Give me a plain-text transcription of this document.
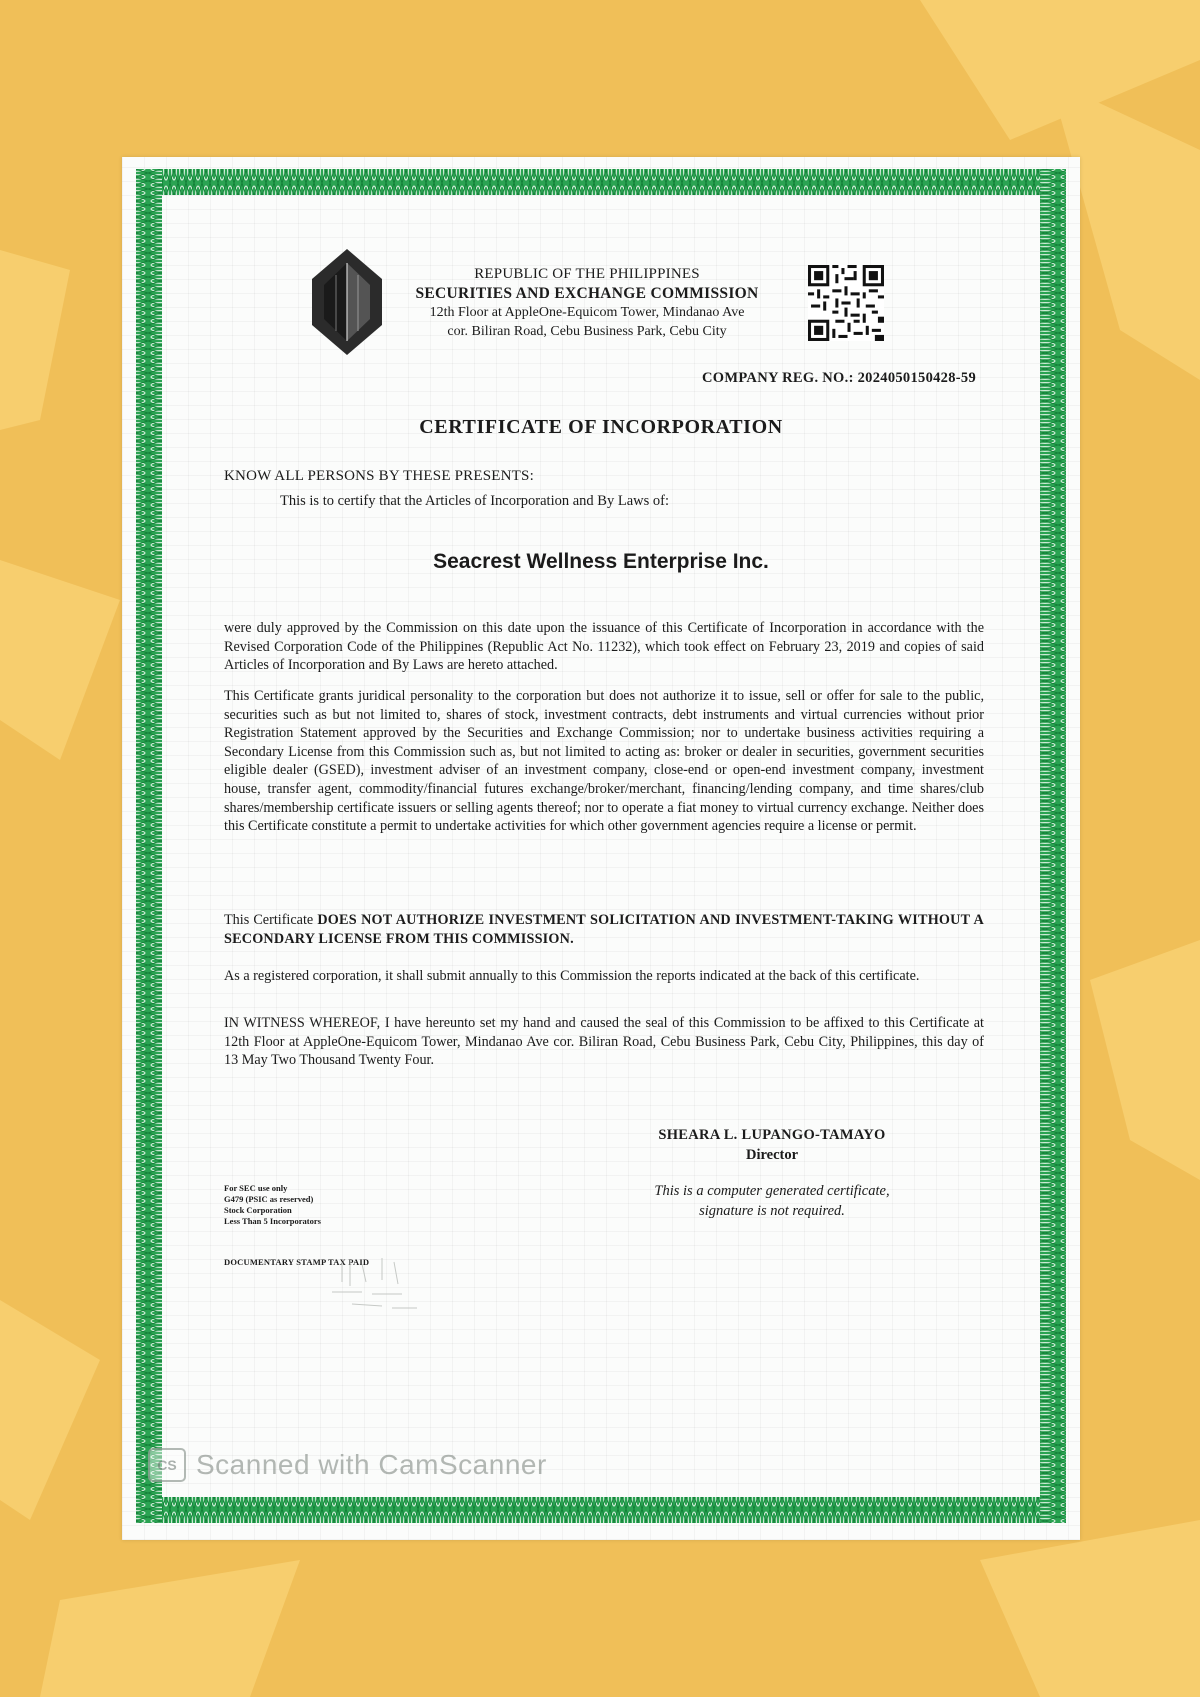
REPUBLIC OF THE PHILIPPINES
SECURITIES AND EXCHANGE COMMISSION
12th Floor at AppleOne-Equicom Tower, Mindanao Ave
cor. Biliran Road, Cebu Business Park, Cebu City
COMPANY REG. NO.: 2024050150428-59
CERTIFICATE OF INCORPORATION
KNOW ALL PERSONS BY THESE PRESENTS:
This is to certify that the Articles of Incorporation and By Laws of:
Seacrest Wellness Enterprise Inc.
were duly approved by the Commission on this date upon the issuance of this Certificate of Incorporation in accordance with the Revised Corporation Code of the Philippines (Republic Act No. 11232), which took effect on February 23, 2019 and copies of said Articles of Incorporation and By Laws are hereto attached.
This Certificate grants juridical personality to the corporation but does not authorize it to issue, sell or offer for sale to the public, securities such as but not limited to, shares of stock, investment contracts, debt instruments and virtual currencies without prior Registration Statement approved by the Securities and Exchange Commission; nor to undertake business activities requiring a Secondary License from this Commission such as, but not limited to acting as: broker or dealer in securities, government securities eligible dealer (GSED), investment adviser of an investment company, close-end or open-end investment company, investment house, transfer agent, commodity/financial futures exchange/broker/merchant, financing/lending company, and time shares/club shares/membership certificate issuers or selling agents thereof; nor to operate a fiat money to virtual currency exchange. Neither does this Certificate constitute a permit to undertake activities for which other government agencies require a license or permit.
This Certificate DOES NOT AUTHORIZE INVESTMENT SOLICITATION AND INVESTMENT-TAKING WITHOUT A SECONDARY LICENSE FROM THIS COMMISSION.
As a registered corporation, it shall submit annually to this Commission the reports indicated at the back of this certificate.
IN WITNESS WHEREOF, I have hereunto set my hand and caused the seal of this Commission to be affixed to this Certificate at 12th Floor at AppleOne-Equicom Tower, Mindanao Ave cor. Biliran Road, Cebu Business Park, Cebu City, Philippines, this day of 13 May Two Thousand Twenty Four.
SHEARA L. LUPANGO-TAMAYO
Director
This is a computer generated certificate,
signature is not required.
For SEC use only
G479 (PSIC as reserved)
Stock Corporation
Less Than 5 Incorporators
DOCUMENTARY STAMP TAX PAID
CS Scanned with CamScanner
